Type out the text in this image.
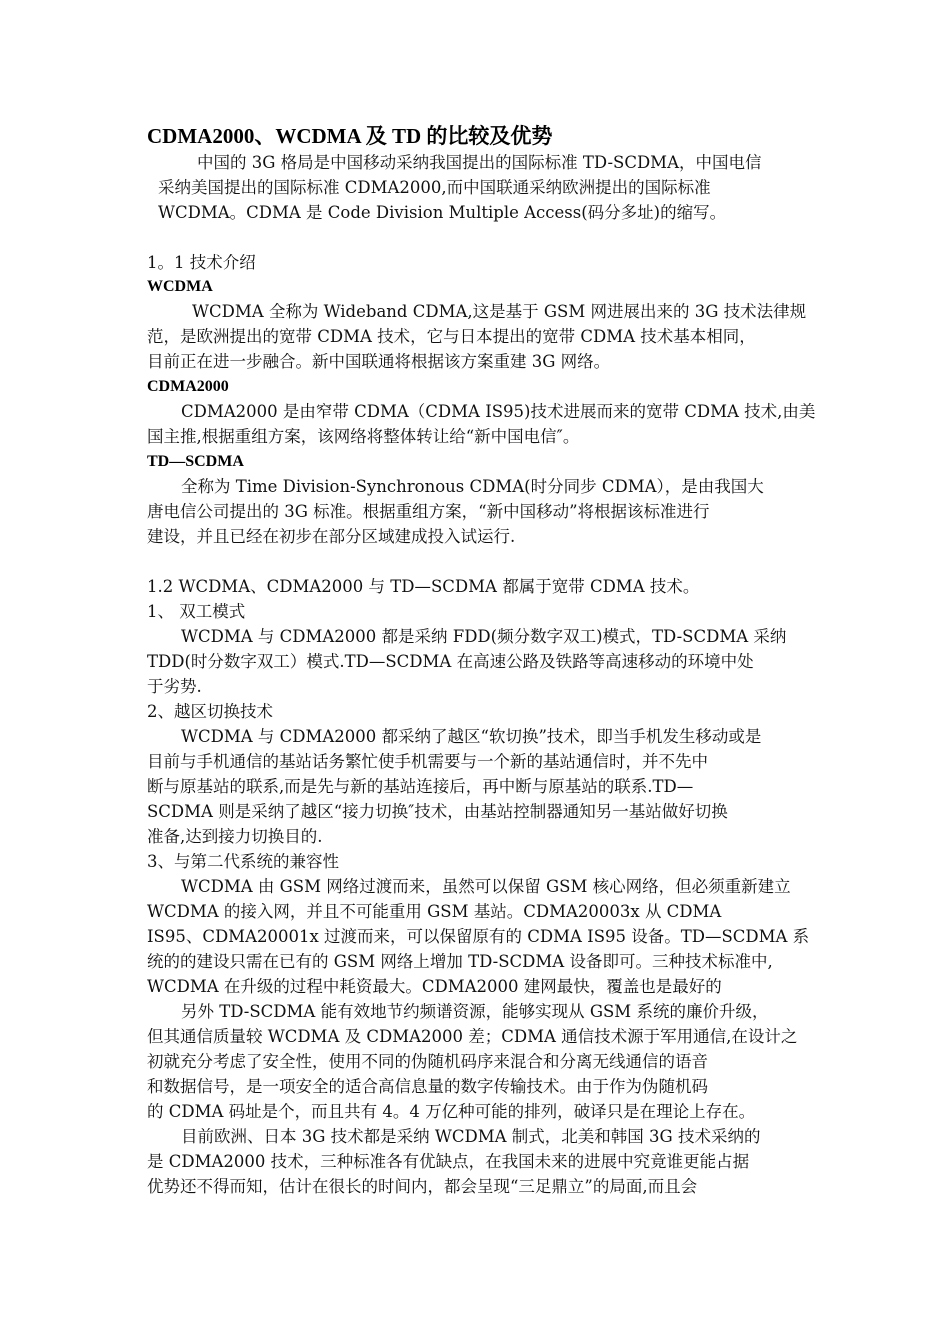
CDMA2000、WCDMA 及 TD 的比较及优势
中国的 3G 格局是中国移动采纳我国提出的国际标准 TD-SCDMA，中国电信
采纳美国提出的国际标准 CDMA2000,而中国联通采纳欧洲提出的国际标准
WCDMA。CDMA 是 Code Division Multiple Access(码分多址)的缩写。
1。1 技术介绍
WCDMA
WCDMA 全称为 Wideband CDMA,这是基于 GSM 网进展出来的 3G 技术法律规
范，是欧洲提出的宽带 CDMA 技术，它与日本提出的宽带 CDMA 技术基本相同，
目前正在进一步融合。新中国联通将根据该方案重建 3G 网络。
CDMA2000
CDMA2000 是由窄带 CDMA（CDMA IS95)技术进展而来的宽带 CDMA 技术,由美
国主推,根据重组方案，该网络将整体转让给“新中国电信″。
TD—SCDMA
全称为 Time Division-Synchronous CDMA(时分同步 CDMA），是由我国大
唐电信公司提出的 3G 标准。根据重组方案，“新中国移动”将根据该标准进行
建设，并且已经在初步在部分区域建成投入试运行.
1.2 WCDMA、CDMA2000 与 TD—SCDMA 都属于宽带 CDMA 技术。
1、 双工模式
WCDMA 与 CDMA2000 都是采纳 FDD(频分数字双工)模式，TD-SCDMA 采纳
TDD(时分数字双工）模式.TD—SCDMA 在高速公路及铁路等高速移动的环境中处
于劣势.
2、越区切换技术
WCDMA 与 CDMA2000 都采纳了越区“软切换”技术，即当手机发生移动或是
目前与手机通信的基站话务繁忙使手机需要与一个新的基站通信时，并不先中
断与原基站的联系,而是先与新的基站连接后，再中断与原基站的联系.TD—
SCDMA 则是采纳了越区“接力切换″技术，由基站控制器通知另一基站做好切换
准备,达到接力切换目的.
3、与第二代系统的兼容性
WCDMA 由 GSM 网络过渡而来，虽然可以保留 GSM 核心网络，但必须重新建立
WCDMA 的接入网，并且不可能重用 GSM 基站。CDMA20003x 从 CDMA
IS95、CDMA20001x 过渡而来，可以保留原有的 CDMA IS95 设备。TD—SCDMA 系
统的的建设只需在已有的 GSM 网络上增加 TD-SCDMA 设备即可。三种技术标准中,
WCDMA 在升级的过程中耗资最大。CDMA2000 建网最快，覆盖也是最好的
另外 TD-SCDMA 能有效地节约频谱资源，能够实现从 GSM 系统的廉价升级，
但其通信质量较 WCDMA 及 CDMA2000 差；CDMA 通信技术源于军用通信,在设计之
初就充分考虑了安全性，使用不同的伪随机码序来混合和分离无线通信的语音
和数据信号，是一项安全的适合高信息量的数字传输技术。由于作为伪随机码
的 CDMA 码址是个，而且共有 4。4 万亿种可能的排列，破译只是在理论上存在。
目前欧洲、日本 3G 技术都是采纳 WCDMA 制式，北美和韩国 3G 技术采纳的
是 CDMA2000 技术，三种标准各有优缺点，在我国未来的进展中究竟谁更能占据
优势还不得而知，估计在很长的时间内，都会呈现“三足鼎立”的局面,而且会
